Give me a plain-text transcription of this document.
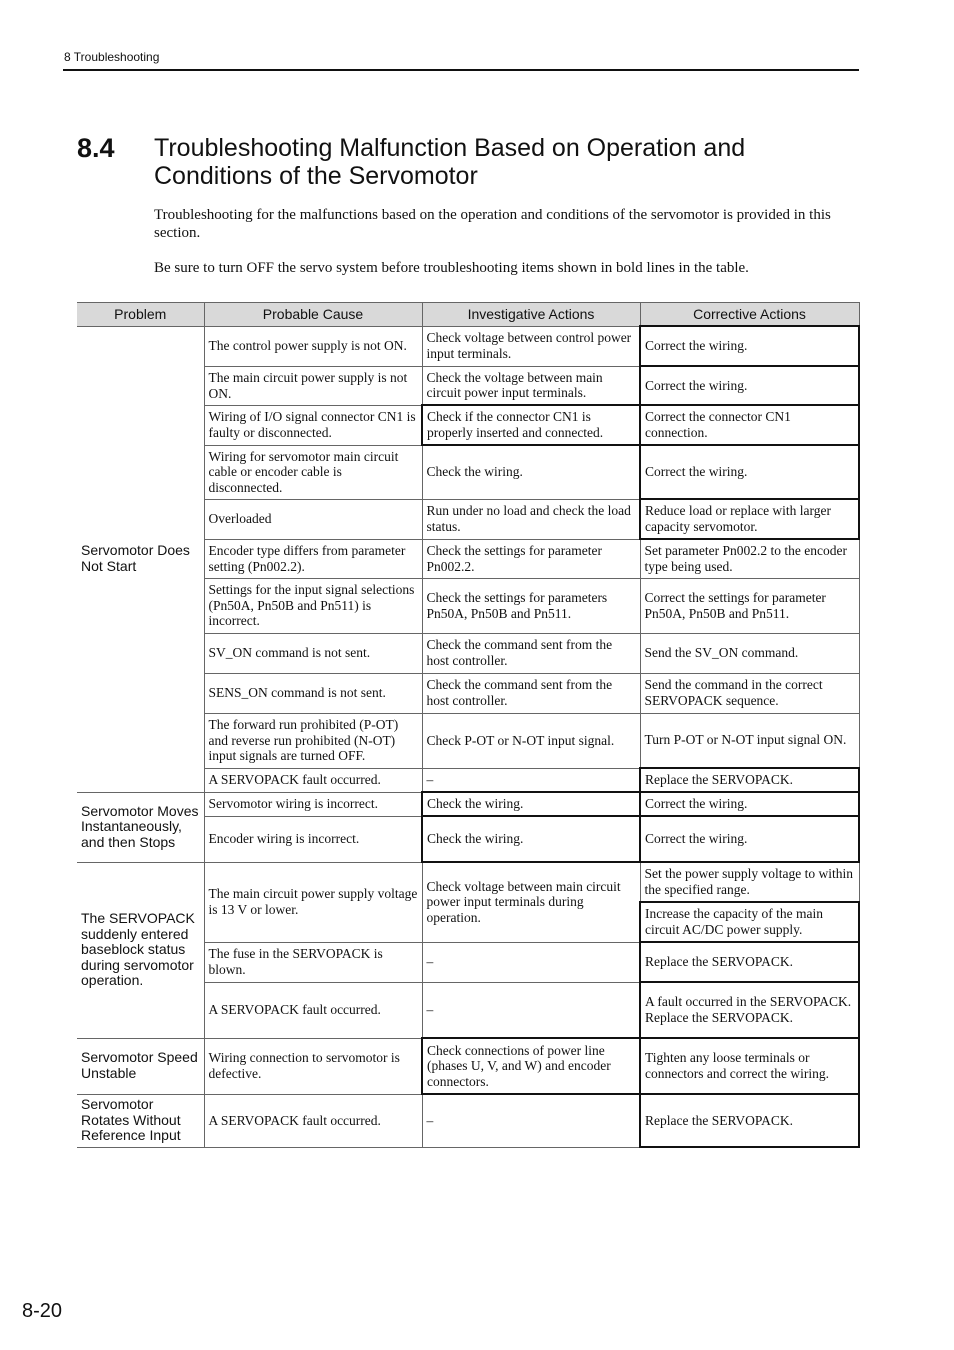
8 Troubleshooting
8.4 Troubleshooting Malfunction Based on Operation and
Conditions of the Servomotor
Troubleshooting for the malfunctions based on the operation and conditions of the servomotor is provided in this section.
Be sure to turn OFF the servo system before troubleshooting items shown in bold lines in the table.
Problem	Probable Cause	Investigative Actions	Corrective Actions
Servomotor Does Not Start	The control power supply is not ON.	Check voltage between control power input terminals.	Correct the wiring.
	The main circuit power supply is not ON.	Check the voltage between main circuit power input terminals.	Correct the wiring.
	Wiring of I/O signal connector CN1 is faulty or disconnected.	Check if the connector CN1 is properly inserted and connected.	Correct the connector CN1 connection.
	Wiring for servomotor main circuit cable or encoder cable is disconnected.	Check the wiring.	Correct the wiring.
	Overloaded	Run under no load and check the load status.	Reduce load or replace with larger capacity servomotor.
	Encoder type differs from parameter setting (Pn002.2).	Check the settings for parameter Pn002.2.	Set parameter Pn002.2 to the encoder type being used.
	Settings for the input signal selections (Pn50A, Pn50B and Pn511) is incorrect.	Check the settings for parameters Pn50A, Pn50B and Pn511.	Correct the settings for parameter Pn50A, Pn50B and Pn511.
	SV_ON command is not sent.	Check the command sent from the host controller.	Send the SV_ON command.
	SENS_ON command is not sent.	Check the command sent from the host controller.	Send the command in the correct SERVOPACK sequence.
	The forward run prohibited (P-OT) and reverse run prohibited (N-OT) input signals are turned OFF.	Check P-OT or N-OT input signal.	Turn P-OT or N-OT input signal ON.
	A SERVOPACK fault occurred.	–	Replace the SERVOPACK.
Servomotor Moves Instantaneously, and then Stops	Servomotor wiring is incorrect.	Check the wiring.	Correct the wiring.
	Encoder wiring is incorrect.	Check the wiring.	Correct the wiring.
The SERVOPACK suddenly entered baseblock status during servomotor operation.	The main circuit power supply voltage is 13 V or lower.	Check voltage between main circuit power input terminals during operation.	Set the power supply voltage to within the specified range.
			Increase the capacity of the main circuit AC/DC power supply.
	The fuse in the SERVOPACK is blown.	–	Replace the SERVOPACK.
	A SERVOPACK fault occurred.	–	A fault occurred in the SERVOPACK.
Replace the SERVOPACK.

Servomotor Speed Unstable	Wiring connection to servomotor is defective.	Check connections of power line (phases U, V, and W) and encoder connectors.	Tighten any loose terminals or connectors and correct the wiring.
Servomotor Rotates Without Reference Input	A SERVOPACK fault occurred.	–	Replace the SERVOPACK.
8-20
